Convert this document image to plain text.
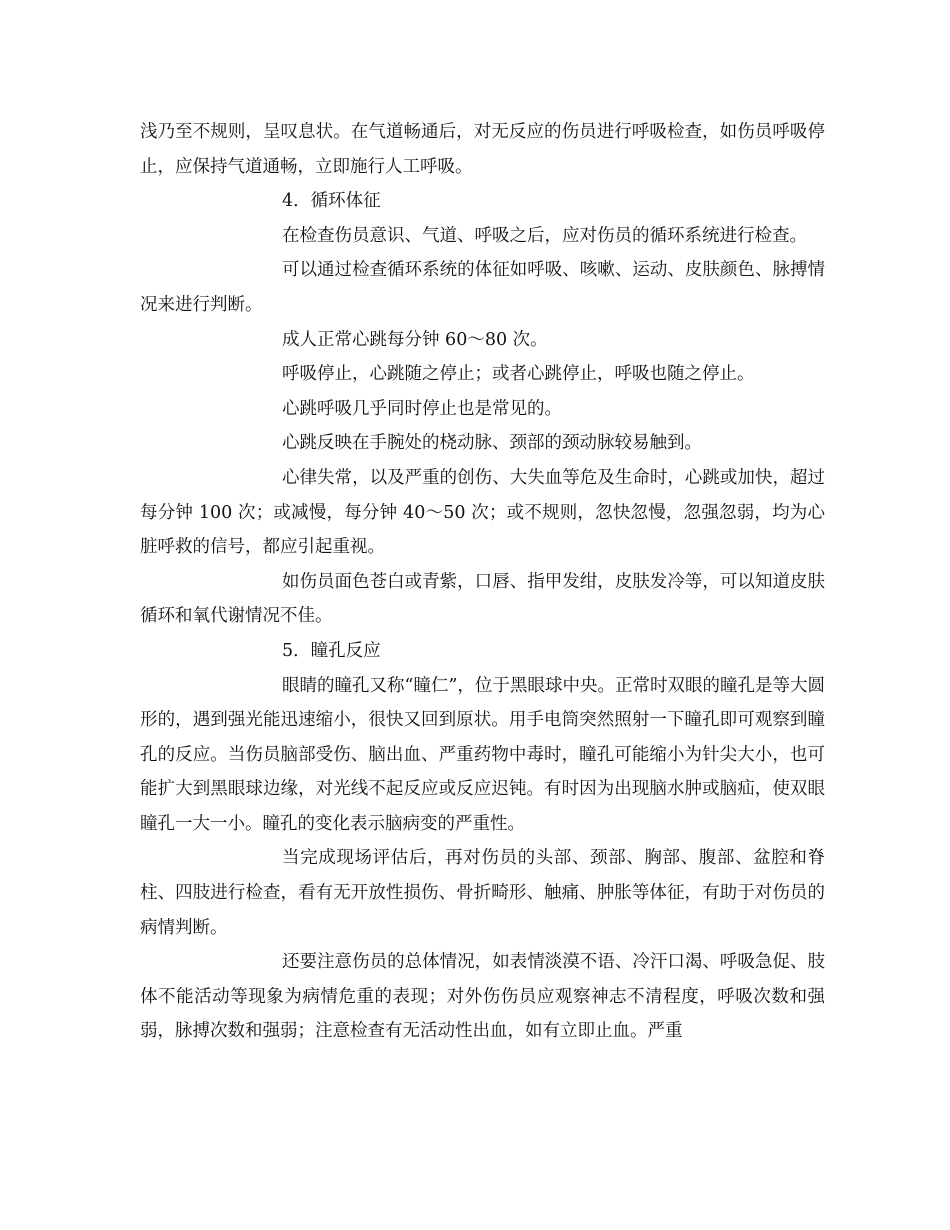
浅乃至不规则，呈叹息状。在气道畅通后，对无反应的伤员进行呼吸检查，如伤员呼吸停止，应保持气道通畅，立即施行人工呼吸。

4．循环体征

在检查伤员意识、气道、呼吸之后，应对伤员的循环系统进行检查。

可以通过检查循环系统的体征如呼吸、咳嗽、运动、皮肤颜色、脉搏情况来进行判断。

成人正常心跳每分钟 60～80 次。

呼吸停止，心跳随之停止；或者心跳停止，呼吸也随之停止。

心跳呼吸几乎同时停止也是常见的。

心跳反映在手腕处的桡动脉、颈部的颈动脉较易触到。

心律失常，以及严重的创伤、大失血等危及生命时，心跳或加快，超过每分钟 100 次；或减慢，每分钟 40～50 次；或不规则，忽快忽慢，忽强忽弱，均为心脏呼救的信号，都应引起重视。

如伤员面色苍白或青紫，口唇、指甲发绀，皮肤发冷等，可以知道皮肤循环和氧代谢情况不佳。

5．瞳孔反应

眼睛的瞳孔又称“瞳仁”，位于黑眼球中央。正常时双眼的瞳孔是等大圆形的，遇到强光能迅速缩小，很快又回到原状。用手电筒突然照射一下瞳孔即可观察到瞳孔的反应。当伤员脑部受伤、脑出血、严重药物中毒时，瞳孔可能缩小为针尖大小，也可能扩大到黑眼球边缘，对光线不起反应或反应迟钝。有时因为出现脑水肿或脑疝，使双眼瞳孔一大一小。瞳孔的变化表示脑病变的严重性。

当完成现场评估后，再对伤员的头部、颈部、胸部、腹部、盆腔和脊柱、四肢进行检查，看有无开放性损伤、骨折畸形、触痛、肿胀等体征，有助于对伤员的病情判断。

还要注意伤员的总体情况，如表情淡漠不语、冷汗口渴、呼吸急促、肢体不能活动等现象为病情危重的表现；对外伤伤员应观察神志不清程度，呼吸次数和强弱，脉搏次数和强弱；注意检查有无活动性出血，如有立即止血。严重
